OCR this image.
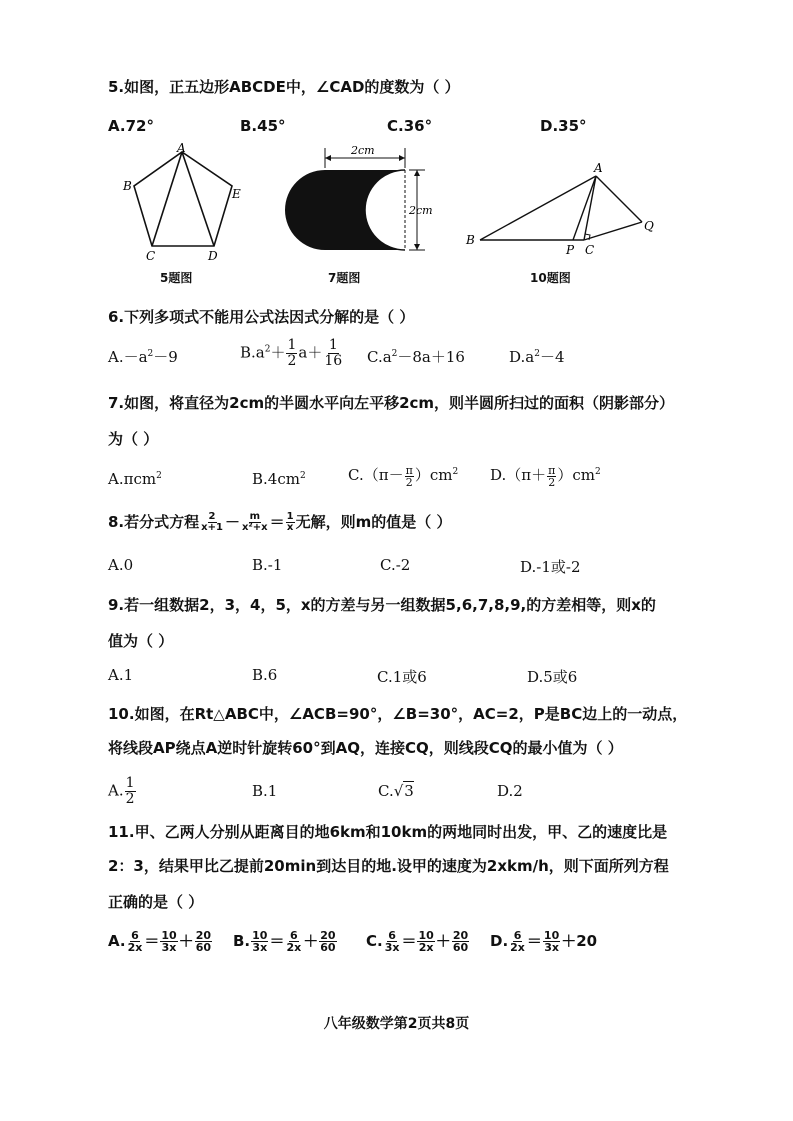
5.如图，正五边形ABCDE中，∠CAD的度数为（ ）
A.72°	B.45°	C.36°	D.35°
A
B
E
C	D
5题图
2cm
2cm
7题图
A
B
P C
Q
10题图
6.下列多项式不能用公式法因式分解的是（ ）
$A.-a^2-9$	$B.a^2+ \frac{1}{2} a+ \frac{1}{16} C.a^2-8a+16$	$D.a^2-4$
7.如图，将直径为2cm的半圆水平向左平移2cm，则半圆所扫过的面积（阴影部分）
为（ ）
A.πcm$^2$	$B.4cm^2$	$C.(\pi- \frac{\pi}{2} )cm^2$ $D.(\pi+ \frac{\pi}{2} )cm^2$
8.若分式方程 $\frac{2}{x+1} - \frac{m}{\text{x²+x}} = \frac{1}{x}$ 无解，则m的值是（ ）
A.0	B.-1	C.-2	D.-1或-2
9.若一组数据2，3，4，5，x的方差与另一组数据5,6,7,8,9,的方差相等，则x的
值为（ ）
A.1	B.6	C.1或6	D.5或6
10.如图，在Rt△ABC中，∠ACB=90°，∠B=30°，AC=2，P是BC边上的一动点，
将线段AP绕点A逆时针旋转60°到AQ，连接CQ，则线段CQ的最小值为（ ）
A. $\frac{1}{2}$	B.1	C.√3	D.2
11.甲、乙两人分别从距离目的地6km和10km的两地同时出发，甲、乙的速度比是
2：3，结果甲比乙提前20min到达目的地.设甲的速度为2xkm/h，则下面所列方程
正确的是（ ）
A. $\frac{6}{2x} = \frac{10}{3x} + \frac{20}{60} B$. $\frac{10}{3x} = \frac{6}{2x} + \frac{20}{60} C$. $\frac{6}{3x} = \frac{10}{2x} + \frac{20}{60} D$. $\frac{6}{2x} = \frac{10}{3x} +20$
八年级数学第2页共8页
